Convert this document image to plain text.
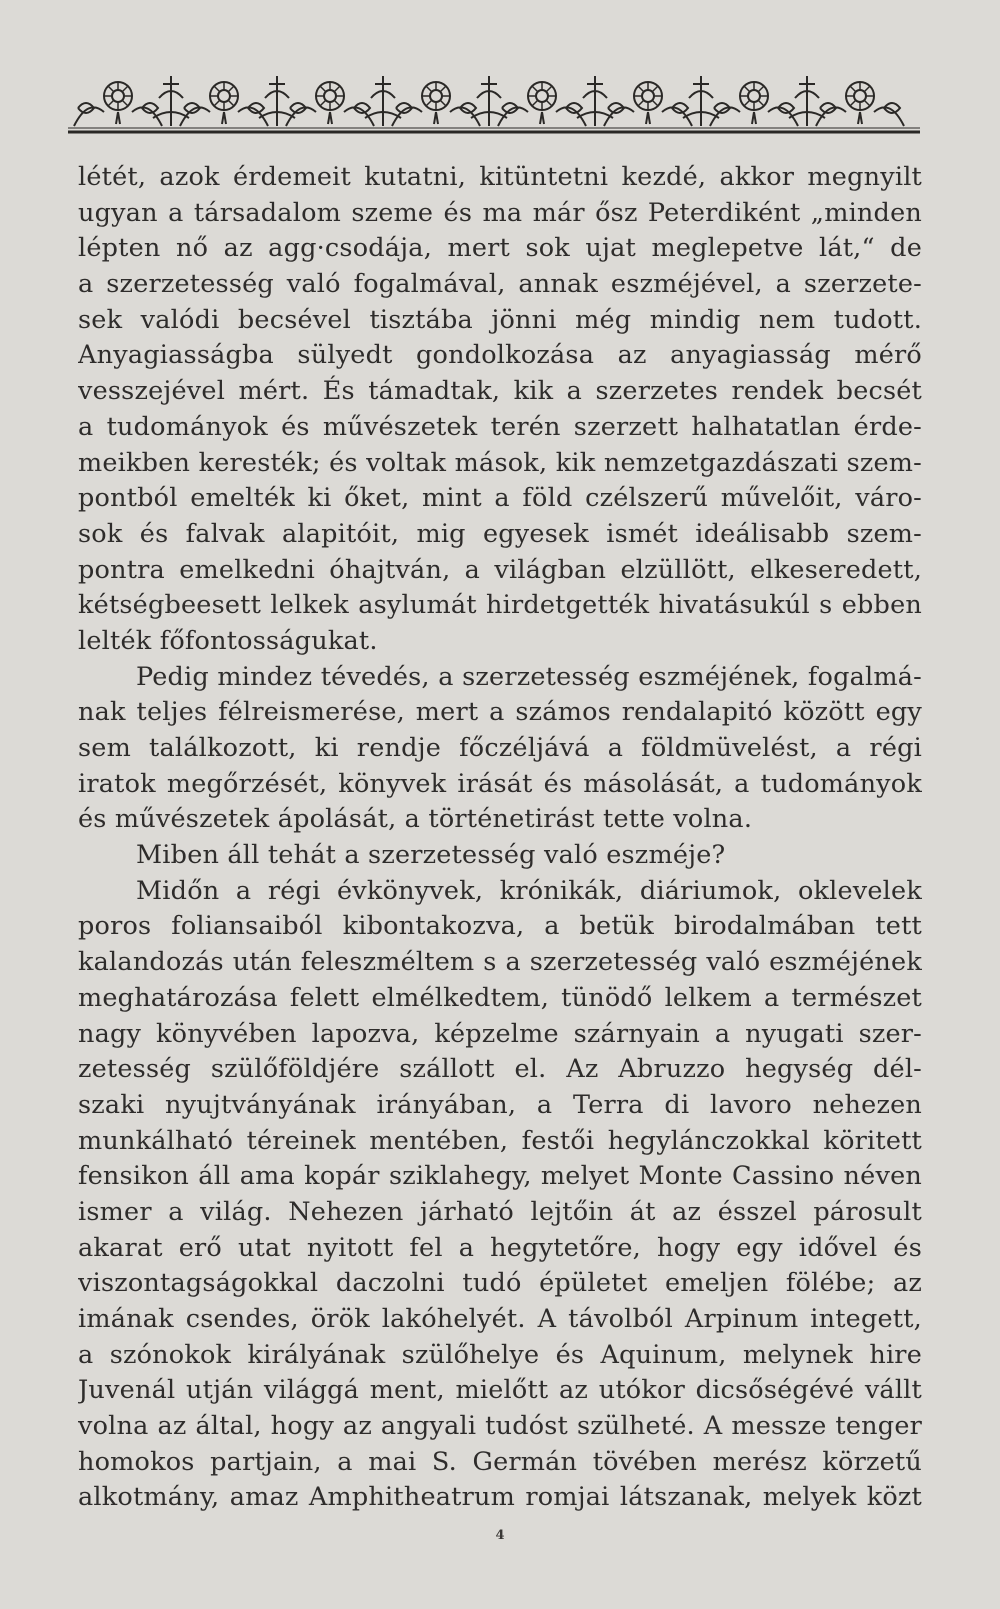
létét, azok érdemeit kutatni, kitüntetni kezdé, akkor megnyilt
ugyan a társadalom szeme és ma már ősz Peterdiként „minden
lépten nő az agg·csodája, mert sok ujat meglepetve lát,“ de
a szerzetesség való fogalmával, annak eszméjével, a szerzete-
sek valódi becsével tisztába jönni még mindig nem tudott.
Anyagiasságba sülyedt gondolkozása az anyagiasság mérő
vesszejével mért. És támadtak, kik a szerzetes rendek becsét
a tudományok és művészetek terén szerzett halhatatlan érde-
meikben keresték; és voltak mások, kik nemzetgazdászati szem-
pontból emelték ki őket, mint a föld czélszerű művelőit, váro-
sok és falvak alapitóit, mig egyesek ismét ideálisabb szem-
pontra emelkedni óhajtván, a világban elzüllött, elkeseredett,
kétségbeesett lelkek asylumát hirdetgették hivatásukúl s ebben
lelték főfontosságukat.
Pedig mindez tévedés, a szerzetesség eszméjének, fogalmá-
nak teljes félreismerése, mert a számos rendalapitó között egy
sem találkozott, ki rendje főczéljává a földmüvelést, a régi
iratok megőrzését, könyvek irását és másolását, a tudományok
és művészetek ápolását, a történetirást tette volna.
Miben áll tehát a szerzetesség való eszméje?
Midőn a régi évkönyvek, krónikák, diáriumok, oklevelek
poros foliansaiból kibontakozva, a betük birodalmában tett
kalandozás után feleszméltem s a szerzetesség való eszméjének
meghatározása felett elmélkedtem, tünödő lelkem a természet
nagy könyvében lapozva, képzelme szárnyain a nyugati szer-
zetesség szülőföldjére szállott el. Az Abruzzo hegység dél-
szaki nyujtványának irányában, a Terra di lavoro nehezen
munkálható téreinek mentében, festői hegylánczokkal köritett
fensikon áll ama kopár sziklahegy, melyet Monte Cassino néven
ismer a világ. Nehezen járható lejtőin át az ésszel párosult
akarat erő utat nyitott fel a hegytetőre, hogy egy idővel és
viszontagságokkal daczolni tudó épületet emeljen fölébe; az
imának csendes, örök lakóhelyét. A távolból Arpinum integett,
a szónokok királyának szülőhelye és Aquinum, melynek hire
Juvenál utján világgá ment, mielőtt az utókor dicsőségévé vállt
volna az által, hogy az angyali tudóst szülheté. A messze tenger
homokos partjain, a mai S. Germán tövében merész körzetű
alkotmány, amaz Amphitheatrum romjai látszanak, melyek közt
4
